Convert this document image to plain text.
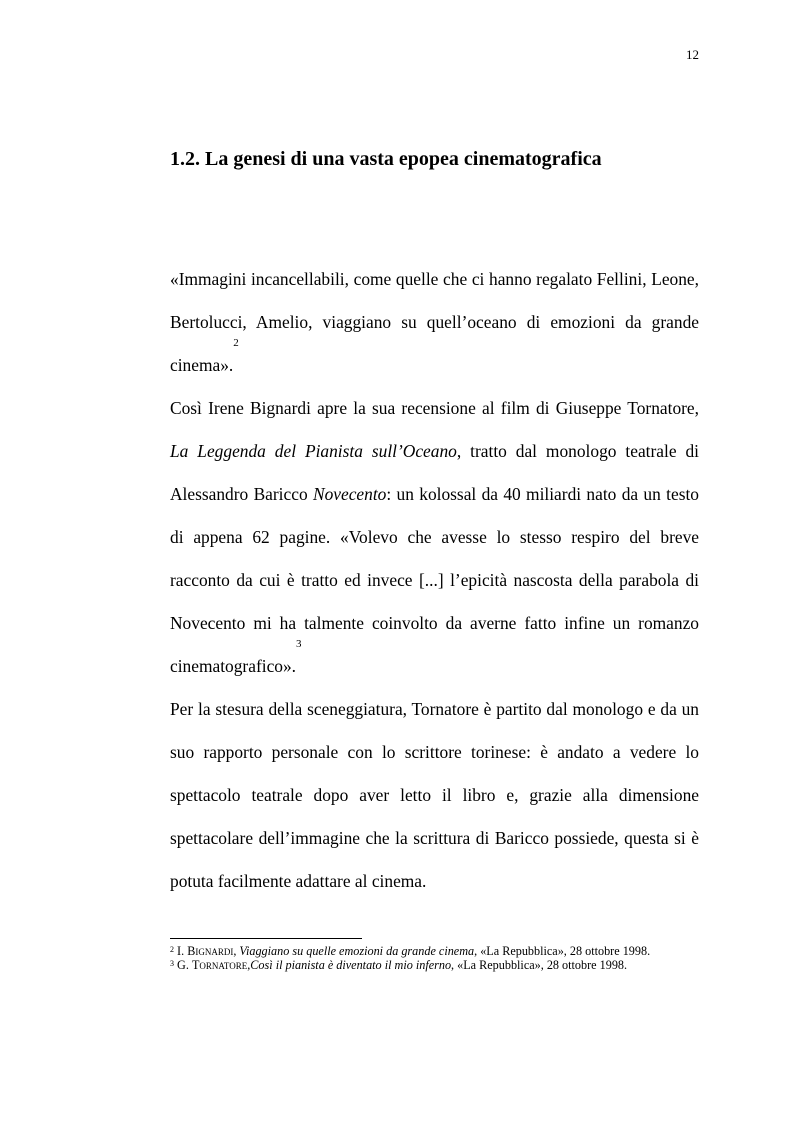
12
1.2. La genesi di una vasta epopea cinematografica

«Immagini incancellabili, come quelle che ci hanno regalato Fellini, Leone, Bertolucci, Amelio, viaggiano su quell’oceano di emozioni da grande cinema».$^2$

Così Irene Bignardi apre la sua recensione al film di Giuseppe Tornatore, La Leggenda del Pianista sull’Oceano, tratto dal monologo teatrale di Alessandro Baricco Novecento: un kolossal da 40 miliardi nato da un testo di appena 62 pagine. «Volevo che avesse lo stesso respiro del breve racconto da cui è tratto ed invece [...] l’epicità nascosta della parabola di Novecento mi ha talmente coinvolto da averne fatto infine un romanzo cinematografico».$^3$

Per la stesura della sceneggiatura, Tornatore è partito dal monologo e da un suo rapporto personale con lo scrittore torinese: è andato a vedere lo spettacolo teatrale dopo aver letto il libro e, grazie alla dimensione spettacolare dell’immagine che la scrittura di Baricco possiede, questa si è potuta facilmente adattare al cinema.

$^2$ I. Bignardi, Viaggiano su quelle emozioni da grande cinema, «La Repubblica», 28 ottobre 1998.

$^3$ G. Tornatore,Così il pianista è diventato il mio inferno, «La Repubblica», 28 ottobre 1998.
